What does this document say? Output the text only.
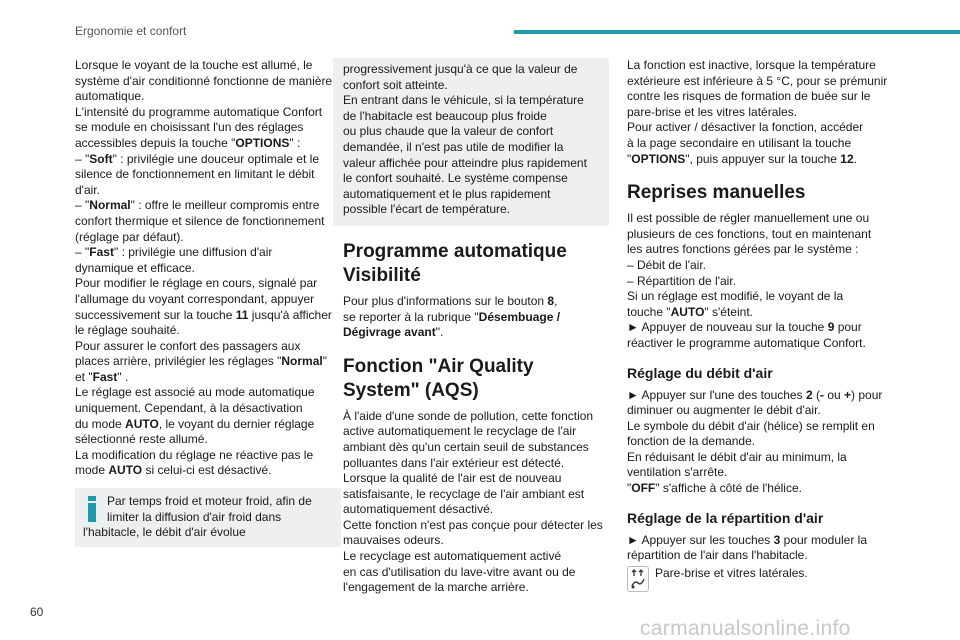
Ergonomie et confort
Lorsque le voyant de la touche est allumé, le
système d'air conditionné fonctionne de manière
automatique.
L'intensité du programme automatique Confort
se module en choisissant l'un des réglages
accessibles depuis la touche "OPTIONS" :
– "Soft" : privilégie une douceur optimale et le
silence de fonctionnement en limitant le débit
d'air.
– "Normal" : offre le meilleur compromis entre
confort thermique et silence de fonctionnement
(réglage par défaut).
– "Fast" : privilégie une diffusion d'air
dynamique et efficace.
Pour modifier le réglage en cours, signalé par
l'allumage du voyant correspondant, appuyer
successivement sur la touche 11 jusqu'à afficher
le réglage souhaité.
Pour assurer le confort des passagers aux
places arrière, privilégier les réglages "Normal"
et "Fast" .
Le réglage est associé au mode automatique
uniquement. Cependant, à la désactivation
du mode AUTO, le voyant du dernier réglage
sélectionné reste allumé.
La modification du réglage ne réactive pas le
mode AUTO si celui-ci est désactivé.
Par temps froid et moteur froid, afin de
limiter la diffusion d'air froid dans
l'habitacle, le débit d'air évolue
progressivement jusqu'à ce que la valeur de
confort soit atteinte.
En entrant dans le véhicule, si la température
de l'habitacle est beaucoup plus froide
ou plus chaude que la valeur de confort
demandée, il n'est pas utile de modifier la
valeur affichée pour atteindre plus rapidement
le confort souhaité. Le système compense
automatiquement et le plus rapidement
possible l'écart de température.
Programme automatique
Visibilité
Pour plus d'informations sur le bouton 8,
se reporter à la rubrique "Désembuage /
Dégivrage avant".
Fonction "Air Quality
System" (AQS)
À l'aide d'une sonde de pollution, cette fonction
active automatiquement le recyclage de l'air
ambiant dès qu'un certain seuil de substances
polluantes dans l'air extérieur est détecté.
Lorsque la qualité de l'air est de nouveau
satisfaisante, le recyclage de l'air ambiant est
automatiquement désactivé.
Cette fonction n'est pas conçue pour détecter les
mauvaises odeurs.
Le recyclage est automatiquement activé
en cas d'utilisation du lave-vitre avant ou de
l'engagement de la marche arrière.
La fonction est inactive, lorsque la température
extérieure est inférieure à 5 °C, pour se prémunir
contre les risques de formation de buée sur le
pare-brise et les vitres latérales.
Pour activer / désactiver la fonction, accéder
à la page secondaire en utilisant la touche
"OPTIONS", puis appuyer sur la touche 12.
Reprises manuelles
Il est possible de régler manuellement une ou
plusieurs de ces fonctions, tout en maintenant
les autres fonctions gérées par le système :
– Débit de l'air.
– Répartition de l'air.
Si un réglage est modifié, le voyant de la
touche "AUTO" s'éteint.
► Appuyer de nouveau sur la touche 9 pour
réactiver le programme automatique Confort.
Réglage du débit d'air
► Appuyer sur l'une des touches 2 (- ou +) pour
diminuer ou augmenter le débit d'air.
Le symbole du débit d'air (hélice) se remplit en
fonction de la demande.
En réduisant le débit d'air au minimum, la
ventilation s'arrête.
"OFF" s'affiche à côté de l'hélice.
Réglage de la répartition d'air
► Appuyer sur les touches 3 pour moduler la
répartition de l'air dans l'habitacle.
Pare-brise et vitres latérales.
60
carmanualsonline.info
